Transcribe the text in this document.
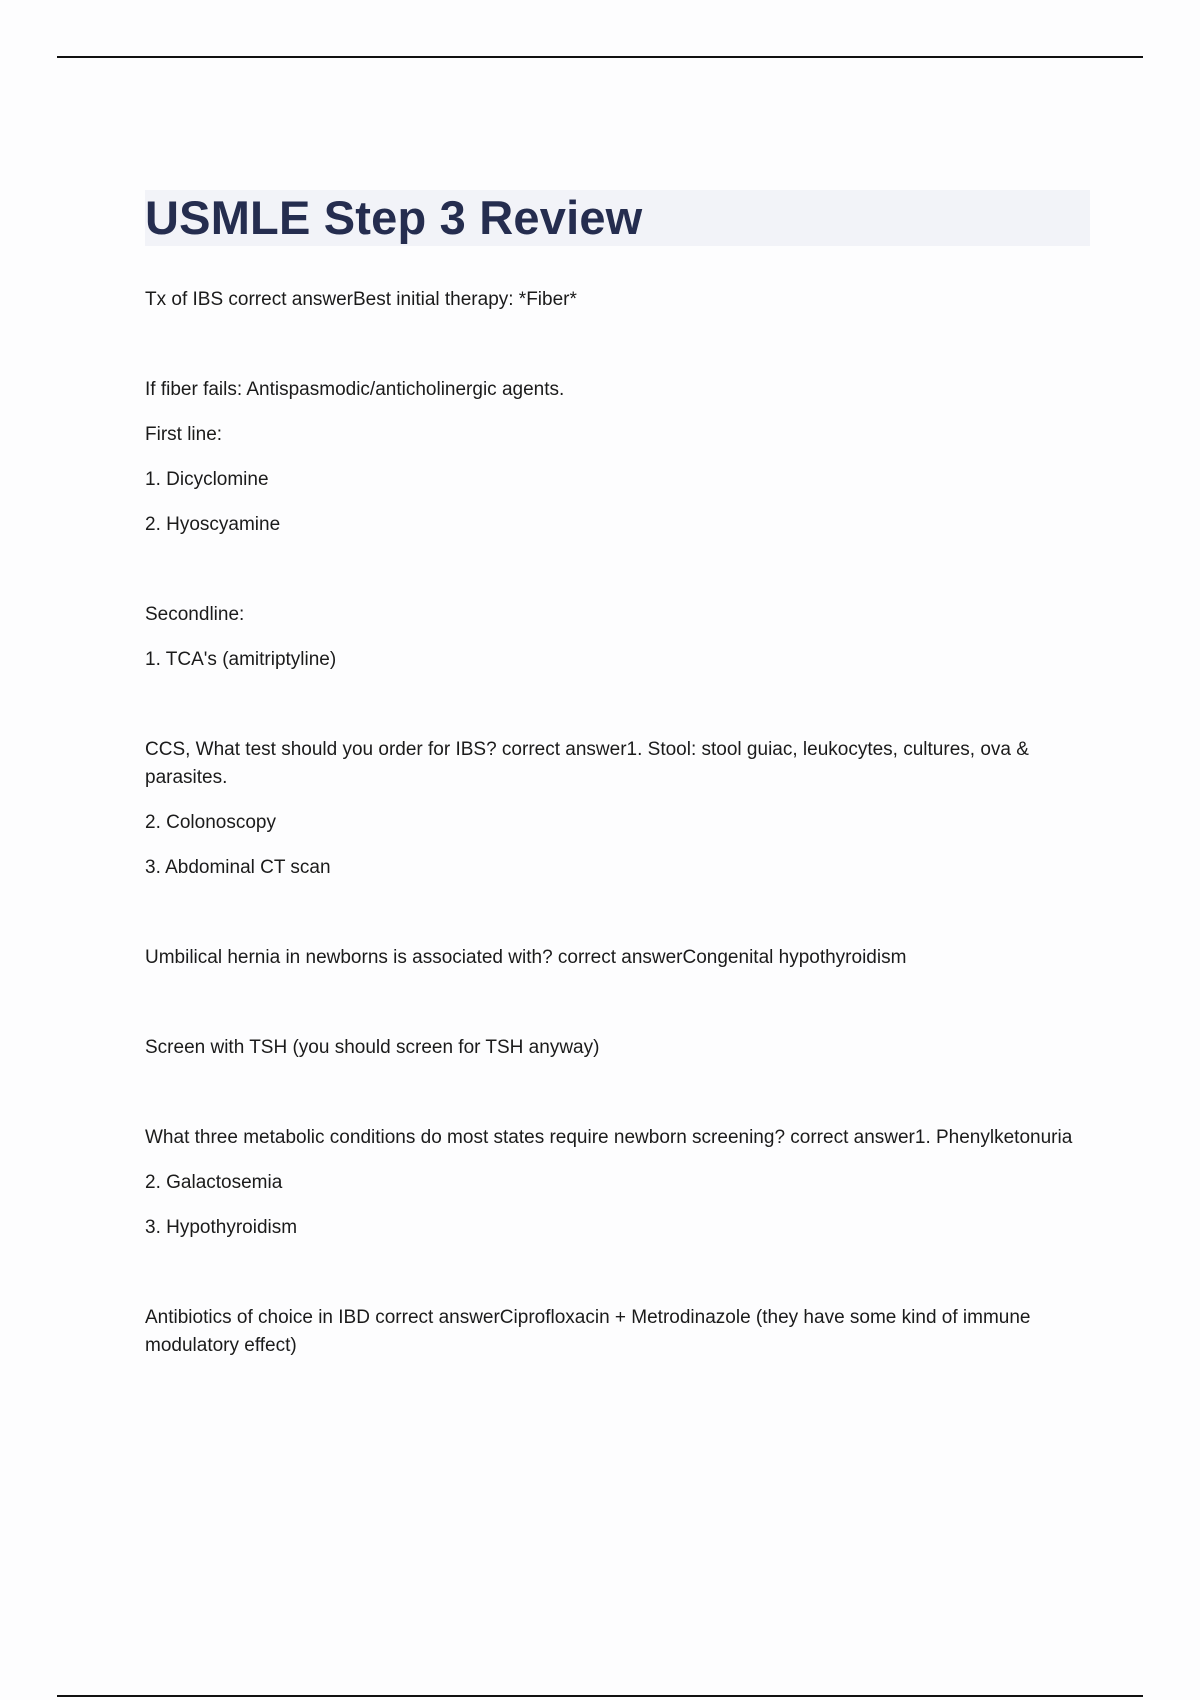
USMLE Step 3 Review

Tx of IBS correct answerBest initial therapy: *Fiber*

If fiber fails: Antispasmodic/anticholinergic agents.

First line:

1. Dicyclomine

2. Hyoscyamine

Secondline:

1. TCA's (amitriptyline)

CCS, What test should you order for IBS? correct answer1. Stool: stool guiac, leukocytes, cultures, ova & parasites.

2. Colonoscopy

3. Abdominal CT scan

Umbilical hernia in newborns is associated with? correct answerCongenital hypothyroidism

Screen with TSH (you should screen for TSH anyway)

What three metabolic conditions do most states require newborn screening? correct answer1. Phenylketonuria

2. Galactosemia

3. Hypothyroidism

Antibiotics of choice in IBD correct answerCiprofloxacin + Metrodinazole (they have some kind of immune modulatory effect)
